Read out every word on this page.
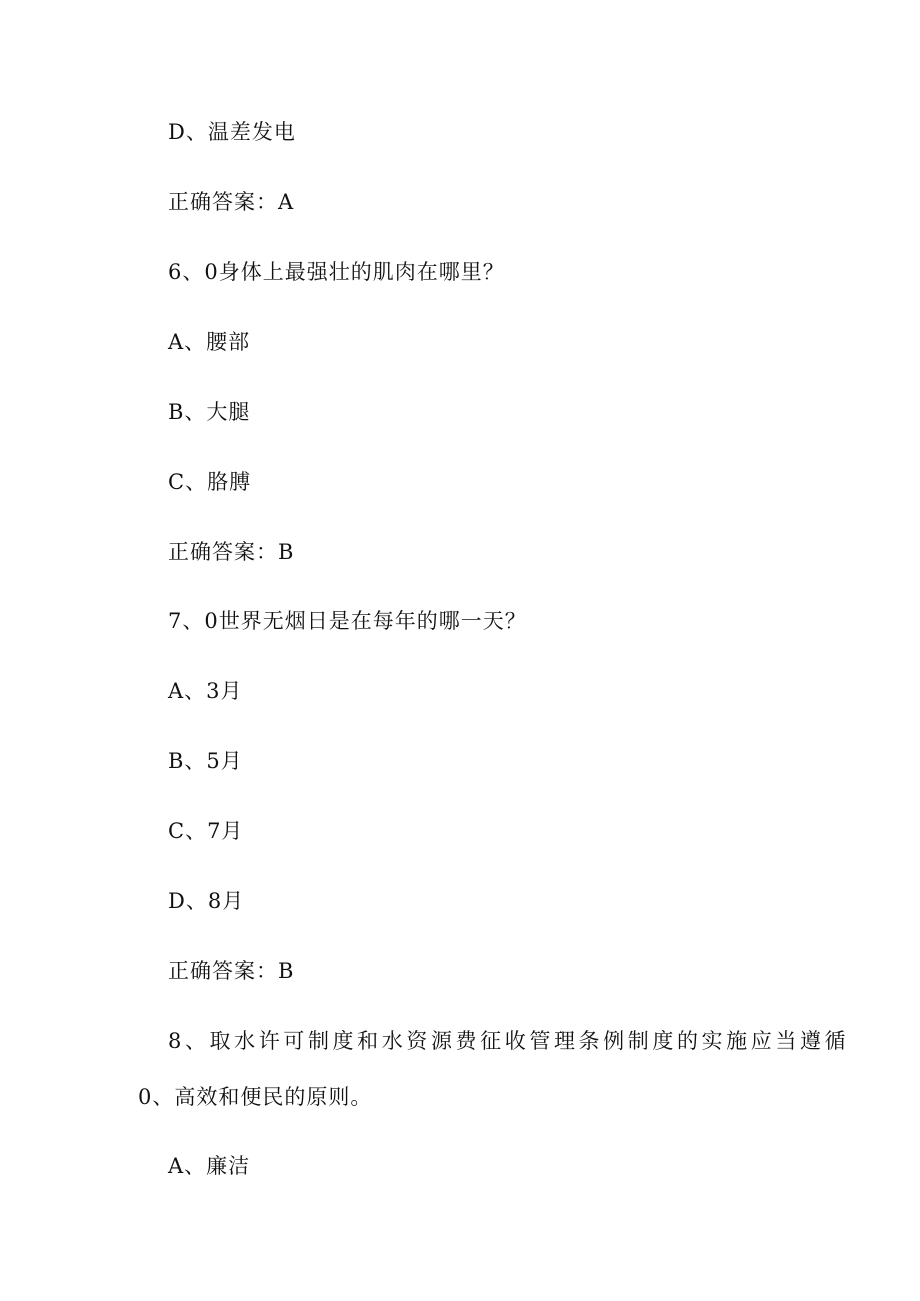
D、温差发电
正确答案：A
6、0身体上最强壮的肌肉在哪里？
A、腰部
B、大腿
C、胳膊
正确答案：B
7、0世界无烟日是在每年的哪一天？
A、3月
B、5月
C、7月
D、8月
正确答案：B
8、取水许可制度和水资源费征收管理条例制度的实施应当遵循
0、高效和便民的原则。
A、廉洁
